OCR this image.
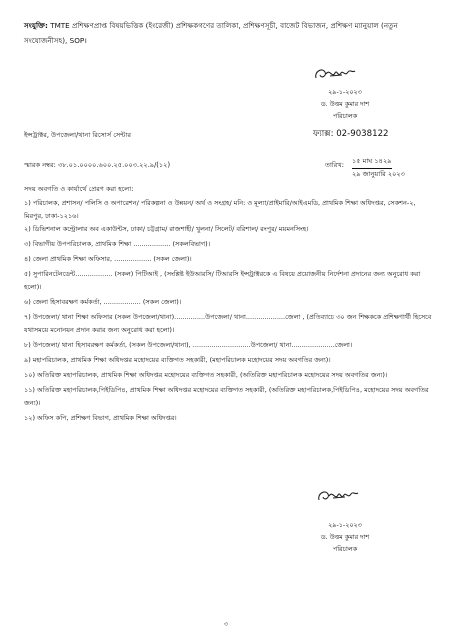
সংযুক্তি: TMTE প্রশিক্ষণপ্রাপ্ত বিষয়ভিত্তিক (ইংরেজী) প্রশিক্ষকগণের তালিকা, প্রশিক্ষণসূচী, বাজেট বিভাজন, প্রশিক্ষণ ম্যানুয়াল (নতুন সংযোজনীসহ), SOP।
২৯-১-২০২৩
ড. উত্তম কুমার দাশ
পরিচালক
ইন্সট্রাক্টর, উপজেলা/থানা রিসোর্স সেন্টার	ফ্যাক্স: 02-9038122
স্মারক নম্বর: ৩৮.০১.০০০০.৬০০.২৫.০০৩.২২.৯/(১২)	তারিখ: ১৫ মাঘ ১৪২৯
২৯ জানুয়ারি ২০২৩
সদয় অবগতি ও কার্যার্থে প্রেরণ করা হলো:

১) পরিচালক, প্রশাসন/ পলিসি ও অপারেশন/ পরিকল্পনা ও উন্নয়ন/ অর্থ ও সংগ্রহ/ মনি: ও মূল্যা/প্রাইমারি/আইএমডি, প্রাথমিক শিক্ষা অধিদপ্তর, সেকশন-২, মিরপুর, ঢাকা-১২১৬।

২) ডিভিশনাল কন্ট্রোলার অব একাউন্টস, ঢাকা/ চট্টগ্রাম/ রাজশাহী/ খুলনা/ সিলেট/ বরিশাল/ রংপুর/ ময়মনসিংহ।

৩) বিভাগীয় উপপরিচালক, প্রাথমিক শিক্ষা .................. (সকলবিভাগ)।

৪) জেলা প্রাথমিক শিক্ষা অফিসার, .................. (সকল জেলা)।

৫) সুপারিনটেনডেন্ট.................. (সকল) পিটিআই , (সংশ্লিষ্ট ইউআরসি/ টিআরসি ইন্সট্রাক্টরকে এ বিষয়ে প্রয়োজনীয় নির্দেশনা প্রদানের জন্য অনুরোধ করা হলো)।

৬) জেলা হিসাবরক্ষণ কর্মকর্তা, .................. (সকল জেলা)।

৭) উপজেলা/ থানা শিক্ষা অফিসার (সকল উপজেলা/থানা)...............উপজেলা/ থানা...................জেলা , (প্রতিব্যাচে ৩০ জন শিক্ষককে প্রশিক্ষণার্থী হিসেবে যথাসময়ে মনোনয়ন প্রদান করার জন্য অনুরোধ করা হলো)।

৮) উপজেলা/ থানা হিসাবরক্ষণ কর্মকর্তা, (সকল উপজেলা/থানা), ............................উপজেলা/ থানা.....................জেলা।

৯) মহাপরিচালক, প্রাথমিক শিক্ষা অধিদপ্তর মহোদয়ের ব্যক্তিগত সহকারী, (মহাপরিচালক মহোদয়ের সদয় অবগতির জন্য)।

১০) অতিরিক্ত মহাপরিচালক, প্রাথমিক শিক্ষা অধিদপ্তর মহোদয়ের ব্যক্তিগত সহকারী, (অতিরিক্ত মহাপরিচালক মহোদয়ের সদয় অবগতির জন্য)।

১১) অতিরিক্ত মহাপরিচালক,পিইডিপি৪, প্রাথমিক শিক্ষা অধিদপ্তর মহোদয়ের ব্যক্তিগত সহকারী, (অতিরিক্ত মহাপরিচালক,পিইডিপি৪, মহোদয়ের সদয় অবগতির জন্য)।

১২) অফিস কপি, প্রশিক্ষণ বিভাগ, প্রাথমিক শিক্ষা অধিদপ্তর।

২৯-১-২০২৩
ড. উত্তম কুমার দাশ
পরিচালক
৩
